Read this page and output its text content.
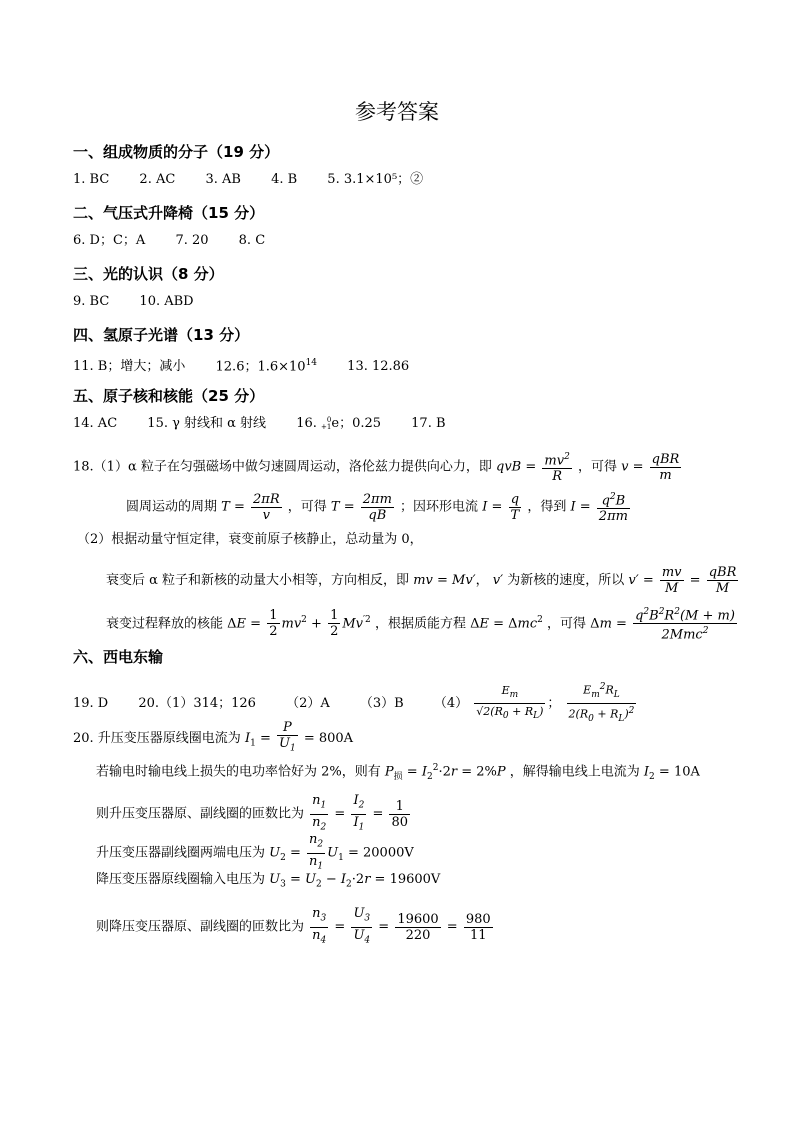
参考答案
一、组成物质的分子（19 分）
1. BC 2. AC 3. AB 4. B 5. 3.1×10⁵；②
二、气压式升降椅（15 分）
6. D；C；A 7. 20 8. C
三、光的认识（8 分）
9. BC 10. ABD
四、氢原子光谱（13 分）
11. B；增大；减小 12.6；$1.6\times 10^{14}$ 13. 12.86
五、原子核和核能（25 分）
14. AC 15. γ 射线和 α 射线 16. 0
+1e；0.25 17. B
18.（1）α 粒子在匀强磁场中做匀速圆周运动，洛伦兹力提供向心力，即 qvB = $\frac{mv^2}{R}$ ，可得 $v = \frac{\text{qBR}}{m}$
圆周运动的周期 $T = \frac{2\pi R}{v}$ ，可得 $T = \frac{2\pi m}{qB}$ ；因环形电流 $I = \frac{q}{T}$ ，得到 $I = \frac{q^2B}{2\pi m}$
（2）根据动量守恒定律，衰变前原子核静止，总动量为 0，
衰变后 α 粒子和新核的动量大小相等，方向相反，即 mv = Mv′， v′ 为新核的速度，所以 $v' = \frac{mv}{M} = \frac{\text{qBR}}{M}$
衰变过程释放的核能 $\Delta E = \frac{1}{2} mv^2 + \frac{1}{2} Mv^{'2}$ ，根据质能方程 ΔE = Δmc$^2$ ，可得 $\Delta m = \frac{q^2B^2R^2(M + m)}{2Mmc^2}$
六、西电东输
19. D 20.（1）314；126 （2）A （3）B $(4) \frac{E_m}{√2(R_0 + R_L)}$ ； $\frac{E_m^2R_L}{2(R_0 + R_L)^2}$
20. 升压变压器原线圈电流为 $I_1 = \frac{P}{U_1} = 800A$
若输电时输电线上损失的电功率恰好为 2%，则有 $P_损 = I_2^2\cdot 2r = 2\%P$ ，解得输电线上电流为 $I_2 = 10A$
则升压变压器原、副线圈的匝数比为 $\frac{n_1}{n_2} = \frac{I_2}{I_1} = \frac{1}{80}$
升压变压器副线圈两端电压为 $U_2 = \frac{n_2}{n_1} U_1 = 20000V$
降压变压器原线圈输入电压为 $U_3 = U_2 - I_2\cdot 2r = 19600V$
则降压变压器原、副线圈的匝数比为 $\frac{n_3}{n_4} = \frac{U_3}{U_4} = \frac{19600}{220} = \frac{980}{11}$
